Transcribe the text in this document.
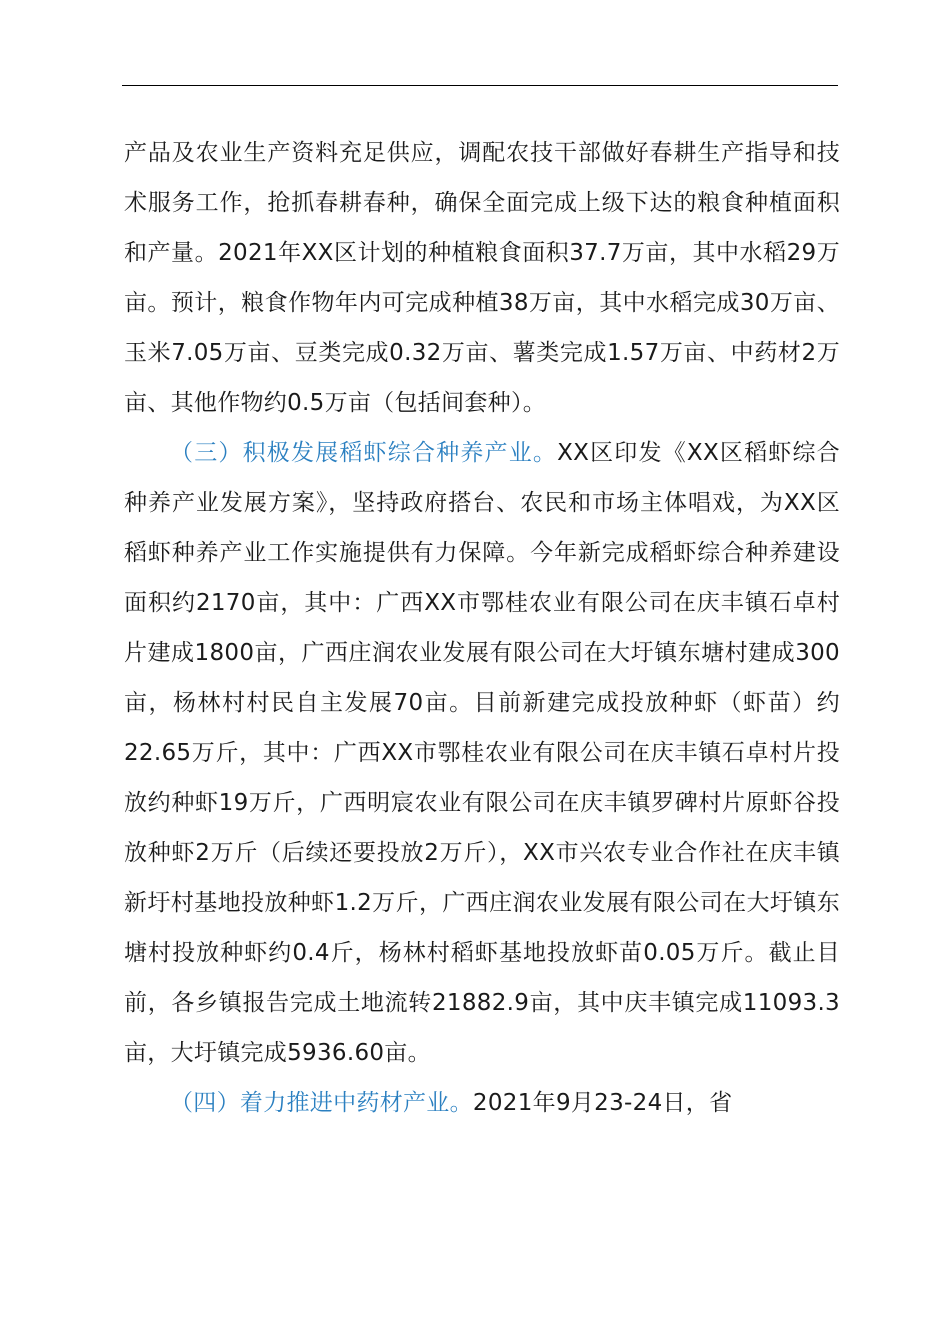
产品及农业生产资料充足供应，调配农技干部做好春耕生产指导和技术服务工作，抢抓春耕春种，确保全面完成上级下达的粮食种植面积和产量。2021年XX区计划的种植粮食面积37.7万亩，其中水稻29万亩。预计，粮食作物年内可完成种植38万亩，其中水稻完成30万亩、玉米7.05万亩、豆类完成0.32万亩、薯类完成1.57万亩、中药材2万亩、其他作物约0.5万亩（包括间套种）。

（三）积极发展稻虾综合种养产业。XX区印发《XX区稻虾综合种养产业发展方案》，坚持政府搭台、农民和市场主体唱戏，为XX区稻虾种养产业工作实施提供有力保障。今年新完成稻虾综合种养建设面积约2170亩，其中：广西XX市鄂桂农业有限公司在庆丰镇石卓村片建成1800亩，广西庄润农业发展有限公司在大圩镇东塘村建成300亩，杨林村村民自主发展70亩。目前新建完成投放种虾（虾苗）约22.65万斤，其中：广西XX市鄂桂农业有限公司在庆丰镇石卓村片投放约种虾19万斤，广西明宸农业有限公司在庆丰镇罗碑村片原虾谷投放种虾2万斤（后续还要投放2万斤），XX市兴农专业合作社在庆丰镇新圩村基地投放种虾1.2万斤，广西庄润农业发展有限公司在大圩镇东塘村投放种虾约0.4斤，杨林村稻虾基地投放虾苗0.05万斤。截止目前，各乡镇报告完成土地流转21882.9亩，其中庆丰镇完成11093.3亩，大圩镇完成5936.60亩。

（四）着力推进中药材产业。2021年9月23-24日，省
